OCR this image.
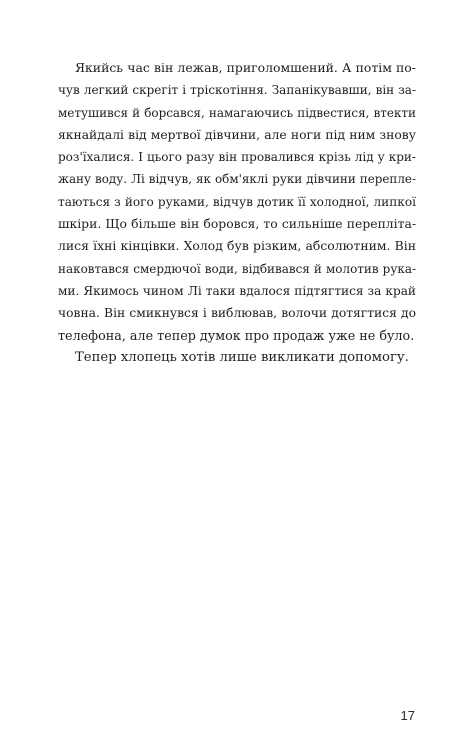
Якийсь час він лежав, приголомшений. А потім по-
чув легкий скрегіт і тріскотіння. Запанікувавши, він за-
метушився й борсався, намагаючись підвестися, втекти
якнайдалі від мертвої дівчини, але ноги під ним знову
роз'їхалися. І цього разу він провалився крізь лід у кри-
жану воду. Лі відчув, як обм'яклі руки дівчини перепле-
таються з його руками, відчув дотик її холодної, липкої
шкіри. Що більше він боровся, то сильніше перепліта-
лися їхні кінцівки. Холод був різким, абсолютним. Він
наковтався смердючої води, відбивався й молотив рука-
ми. Якимось чином Лі таки вдалося підтягтися за край
човна. Він смикнувся і виблював, волочи дотягтися до
телефона, але тепер думок про продаж уже не було.
Тепер хлопець хотів лише викликати допомогу.
17
